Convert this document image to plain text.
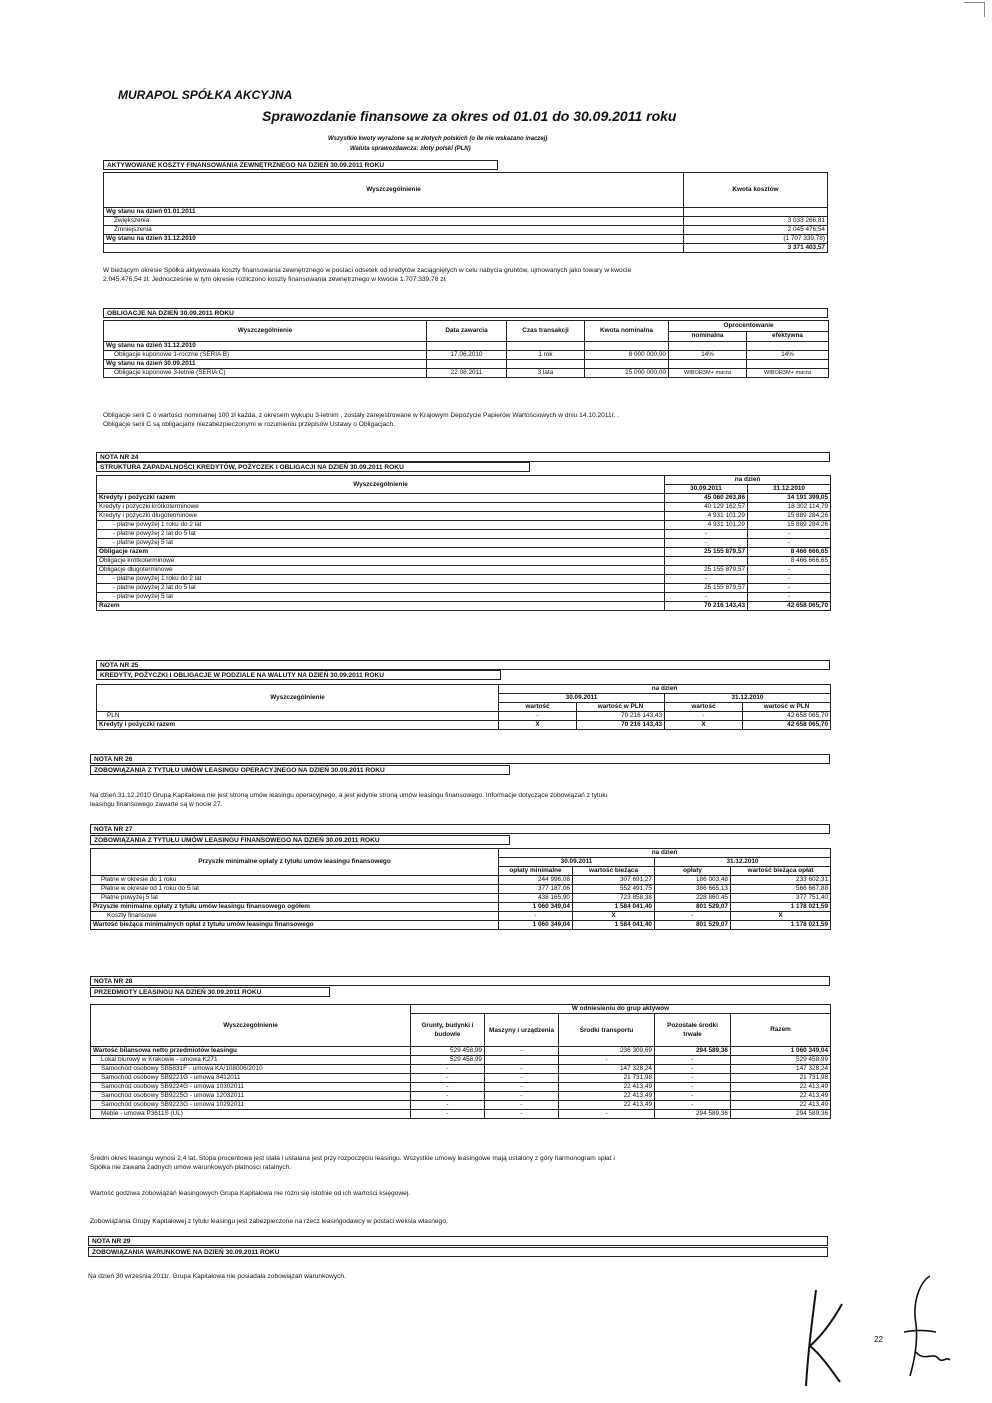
MURAPOL SPÓŁKA AKCYJNA
Sprawozdanie finansowe za okres od 01.01 do 30.09.2011 roku
Wszystkie kwoty wyrażone są w złotych polskich (o ile nie wskazano inaczej)
Waluta sprawozdawcza: złoty polski (PLN)
AKTYWOWANE KOSZTY FINANSOWANIA ZEWNĘTRZNEGO NA DZIEŃ 30.09.2011 ROKU
Wyszczególnienie	Kwota kosztów
Wg stanu na dzień 01.01.2011	
Zwiększenia	3 033 266,81
Zmniejszenia	2 045 476,54
Wg stanu na dzień 31.12.2010	(1 707 339,78)
	3 371 403,57
W bieżącym okresie Spółka aktywowała koszty finansowania zewnętrznego w postaci odsetek od kredytów zaciągniętych w celu nabycia gruntów, ujmowanych jako towary w kwocie
2.045.476,54 zł. Jednocześnie w tym okresie rozliczono koszty finansowania zewnętrznego w kwocie 1.707.339,78 zł.
OBLIGACJE NA DZIEŃ 30.09.2011 ROKU
Wyszczególnienie	Data zawarcia	Czas transakcji	Kwota nominalna	Oprocentowanie	
				nominalna	efektywna
Wg stanu na dzień 31.12.2010					
Obligacje kuponowe 1-roczne (SERIA B)	17.06.2010	1 rok	8 000 000,00	14%	14%
Wg stanu na dzień 30.09.2011					
Obligacje kuponowe 3-letnie (SERIA C)	22.08.2011	3 lata	25 000 000,00	WIBOR3M+ marża	WIBOR3M+ marża
Obligacje serii C o wartości nominalnej 100 zł każda, z okresem wykupu 3-letnim , zostały zarejestrowane w Krajowym Depozycie Papierów Wartościowych w dniu 14.10.2011r. .
Obligacje serii C są obligacjami niezabezpieczonymi w rozumieniu przepisów Ustawy o Obligacjach.
NOTA NR 24
STRUKTURA ZAPADALNOŚCI KREDYTÓW, POŻYCZEK I OBLIGACJI NA DZIEŃ 30.09.2011 ROKU
Wyszczególnienie	na dzień	
	30.09.2011	31.12.2010
Kredyty i pożyczki razem	45 060 263,86	34 191 399,05
Kredyty i pożyczki krótkoterminowe	40 129 162,57	18 302 114,79
Kredyty i pożyczki długoterminowe	4 931 101,29	15 889 284,26
- płatne powyżej 1 roku do 2 lat	4 931 101,29	15 889 284,26
- płatne powyżej 2 lat do 5 lat	-	-
- płatne powyżej 5 lat	-	-
Obligacje razem	25 155 879,57	8 466 666,65
Obligacje krótkoterminowe		8 466 666,65
Obligacje długoterminowe	25 155 879,57	-
- płatne powyżej 1 roku do 2 lat	-	-
- płatne powyżej 2 lat do 5 lat	25 155 879,57	-
- płatne powyżej 5 lat	-	-
Razem	70 216 143,43	42 658 065,70
NOTA NR 25
KREDYTY, POŻYCZKI I OBLIGACJE W PODZIALE NA WALUTY NA DZIEŃ 30.09.2011 ROKU
Wyszczególnienie	na dzień			
	30.09.2011		31.12.2010	
	wartość	wartość w PLN	wartość	wartość w PLN
PLN	-	70 216 143,43	-	42 658 065,70
Kredyty i pożyczki razem	X	70 216 143,43	X	42 658 065,70
NOTA NR 26
ZOBOWIĄZANIA Z TYTUŁU UMÓW LEASINGU OPERACYJNEGO NA DZIEŃ 30.09.2011 ROKU
Na dzień 31.12.2010 Grupa Kapitałowa nie jest stroną umów leasingu operacyjnego, a jest jedynie stroną umów leasingu finansowego. Informacje dotyczące zobowiązań z tytułu
leasingu finansowego zawarte są w nocie 27.
NOTA NR 27
ZOBOWIĄZANIA Z TYTUŁU UMÓW LEASINGU FINANSOWEGO NA DZIEŃ 30.09.2011 ROKU
Przyszłe minimalne opłaty z tytułu umów leasingu finansowego	na dzień			
	30.09.2011		31.12.2010	
	opłaty minimalne	wartość bieżąca	opłaty	wartość bieżąca opłat
Płatne w okresie do 1 roku	244 996,08	307 691,27	186 003,48	233 602,31
Płatne w okresie od 1 roku do 5 lat	377 187,06	552 491,75	386 665,13	566 667,88
Płatne powyżej 5 lat	438 165,90	723 858,38	228 860,45	377 751,40
Przyszłe minimalne opłaty z tytułu umów leasingu finansowego ogółem	1 060 349,04	1 584 041,40	801 529,07	1 178 021,59
Koszty finansowe	-	X	-	X
Wartość bieżąca minimalnych opłat z tytułu umów leasingu finansowego	1 060 349,04	1 584 041,40	801 529,07	1 178 021,59
NOTA NR 28
PRZEDMIOTY LEASINGU NA DZIEŃ 30.09.2011 ROKU
Wyszczególnienie	W odniesieniu do grup aktywów				
	Grunty, budynki i budowle	Maszyny i urządzenia	Środki transportu	Pozostałe środki trwałe	Razem
Wartość bilansowa netto przedmiotów leasingu	529 458,99	-	236 309,69	294 589,36	1 060 349,04
Lokal biurowy w Krakowie - umowa K271	529 458,99		-	-	529 458,99
Samochód osobowy SB5831F - umowa KA/108006/2010	-	-	147 328,24	-	147 328,24
Samochód osobowy SB9221G - umowa 8412011	-	-	21 731,98	-	21 731,98
Samochód osobowy SB9224G - umowa 10302011	-	-	22 413,49	-	22 413,49
Samochód osobowy SB9225G - umowa 12032011	-	-	22 413,49	-	22 413,49
Samochód osobowy SB9223G - umowa 10292011	-	-	22 413,49	-	22 413,49
Meble - umowa P3611S (UL)	-	-	-	294 589,36	294 589,36
Średni okres leasingu wynosi 2,4 lat. Stopa procentowa jest stała i ustalana jest przy rozpoczęciu leasingu. Wszystkie umowy leasingowe mają ustalony z góry harmonogram spłat i
Spółka nie zawarła żadnych umów warunkowych płatności ratalnych.
Wartość godziwa zobowiązań leasingowych Grupa Kapitałowa nie różni się istotnie od ich wartości księgowej.
Zobowiązania Grupy Kapitałowej z tytułu leasingu jest zabezpieczone na rzecz leasingodawcy w postaci weksla własnego.
NOTA NR 29
ZOBOWIĄZANIA WARUNKOWE NA DZIEŃ 30.09.2011 ROKU
Na dzień 30 września 2011r. Grupa Kapitałowa nie posiadała zobowiązań warunkowych.
22
